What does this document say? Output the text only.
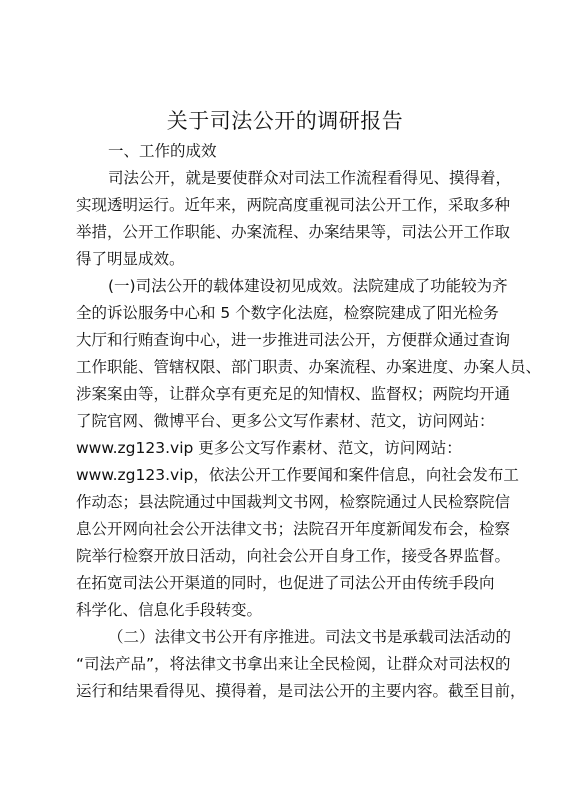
关于司法公开的调研报告
一、工作的成效
司法公开，就是要使群众对司法工作流程看得见、摸得着，
实现透明运行。近年来，两院高度重视司法公开工作，采取多种
举措，公开工作职能、办案流程、办案结果等，司法公开工作取
得了明显成效。
(一)司法公开的载体建设初见成效。法院建成了功能较为齐
全的诉讼服务中心和 5 个数字化法庭，检察院建成了阳光检务
大厅和行贿查询中心，进一步推进司法公开，方便群众通过查询
工作职能、管辖权限、部门职责、办案流程、办案进度、办案人员、
涉案案由等，让群众享有更充足的知情权、监督权；两院均开通
了院官网、微博平台、更多公文写作素材、范文，访问网站：
www.zg123.vip 更多公文写作素材、范文，访问网站：
www.zg123.vip，依法公开工作要闻和案件信息，向社会发布工
作动态；县法院通过中国裁判文书网，检察院通过人民检察院信
息公开网向社会公开法律文书；法院召开年度新闻发布会，检察
院举行检察开放日活动，向社会公开自身工作，接受各界监督。
在拓宽司法公开渠道的同时，也促进了司法公开由传统手段向
科学化、信息化手段转变。
（二）法律文书公开有序推进。司法文书是承载司法活动的
“司法产品”，将法律文书拿出来让全民检阅，让群众对司法权的
运行和结果看得见、摸得着，是司法公开的主要内容。截至目前，
